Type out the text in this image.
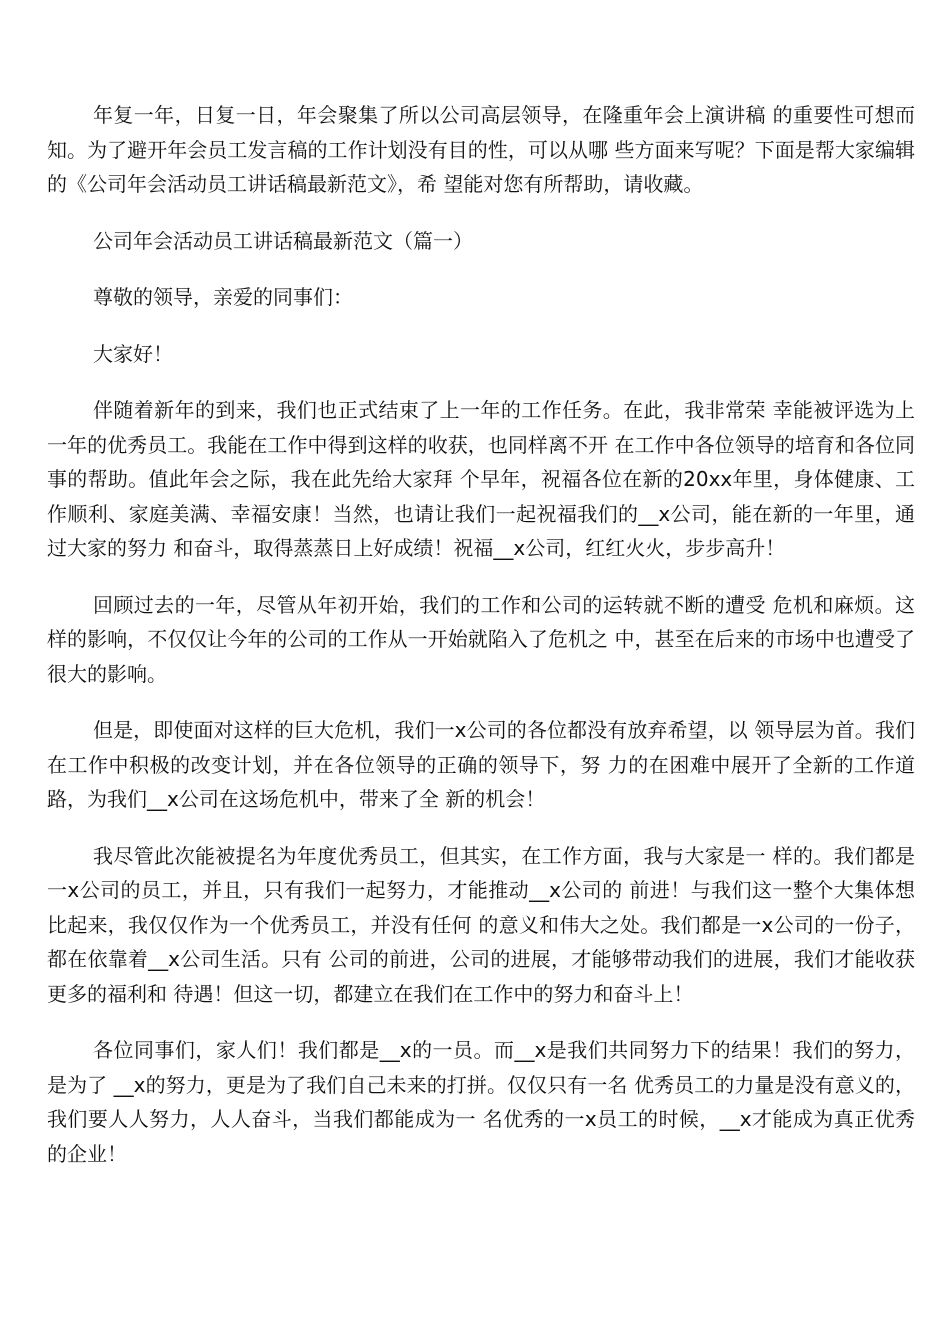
年复一年，日复一日，年会聚集了所以公司高层领导，在隆重年会上演讲稿 的重要性可想而知。为了避开年会员工发言稿的工作计划没有目的性，可以从哪 些方面来写呢？下面是帮大家编辑的《公司年会活动员工讲话稿最新范文》，希 望能对您有所帮助，请收藏。

公司年会活动员工讲话稿最新范文（篇一）

尊敬的领导，亲爱的同事们：

大家好！

伴随着新年的到来，我们也正式结束了上一年的工作任务。在此，我非常荣 幸能被评选为上一年的优秀员工。我能在工作中得到这样的收获，也同样离不开 在工作中各位领导的培育和各位同事的帮助。值此年会之际，我在此先给大家拜 个早年，祝福各位在新的20xx年里，身体健康、工作顺利、家庭美满、幸福安康！当然，也请让我们一起祝福我们的__x公司，能在新的一年里，通过大家的努力 和奋斗，取得蒸蒸日上好成绩！祝福__x公司，红红火火，步步高升！

回顾过去的一年，尽管从年初开始，我们的工作和公司的运转就不断的遭受 危机和麻烦。这样的影响，不仅仅让今年的公司的工作从一开始就陷入了危机之 中，甚至在后来的市场中也遭受了很大的影响。

但是，即使面对这样的巨大危机，我们一x公司的各位都没有放弃希望，以 领导层为首。我们在工作中积极的改变计划，并在各位领导的正确的领导下，努 力的在困难中展开了全新的工作道路，为我们__x公司在这场危机中，带来了全 新的机会！

我尽管此次能被提名为年度优秀员工，但其实，在工作方面，我与大家是一 样的。我们都是一x公司的员工，并且，只有我们一起努力，才能推动__x公司的 前进！与我们这一整个大集体想比起来，我仅仅作为一个优秀员工，并没有任何 的意义和伟大之处。我们都是一x公司的一份子，都在依靠着__x公司生活。只有 公司的前进，公司的进展，才能够带动我们的进展，我们才能收获更多的福利和 待遇！但这一切，都建立在我们在工作中的努力和奋斗上！

各位同事们，家人们！我们都是__x的一员。而__x是我们共同努力下的结果！我们的努力，是为了 __x的努力，更是为了我们自己未来的打拼。仅仅只有一名 优秀员工的力量是没有意义的，我们要人人努力，人人奋斗，当我们都能成为一 名优秀的一x员工的时候，__x才能成为真正优秀的企业！
